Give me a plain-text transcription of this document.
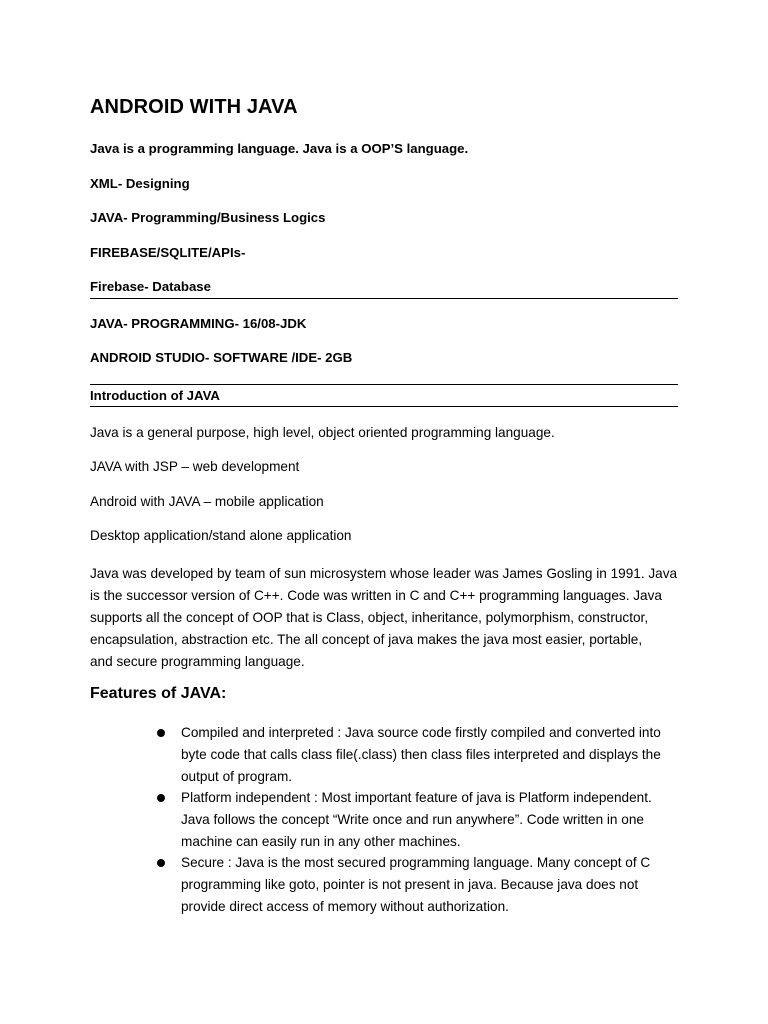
ANDROID WITH JAVA

Java is a programming language. Java is a OOP’S language.

XML- Designing

JAVA- Programming/Business Logics

FIREBASE/SQLITE/APIs-

Firebase- Database

JAVA- PROGRAMMING- 16/08-JDK

ANDROID STUDIO- SOFTWARE /IDE- 2GB

Introduction of JAVA

Java is a general purpose, high level, object oriented programming language.

JAVA with JSP – web development

Android with JAVA – mobile application

Desktop application/stand alone application

Java was developed by team of sun microsystem whose leader was James Gosling in 1991. Java
is the successor version of C++. Code was written in C and C++ programming languages. Java
supports all the concept of OOP that is Class, object, inheritance, polymorphism, constructor,
encapsulation, abstraction etc. The all concept of java makes the java most easier, portable,
and secure programming language.

Features of JAVA:

Compiled and interpreted : Java source code firstly compiled and converted into
byte code that calls class file(.class) then class files interpreted and displays the
output of program.

Platform independent : Most important feature of java is Platform independent.
Java follows the concept “Write once and run anywhere”. Code written in one
machine can easily run in any other machines.

Secure : Java is the most secured programming language. Many concept of C
programming like goto, pointer is not present in java. Because java does not
provide direct access of memory without authorization.
